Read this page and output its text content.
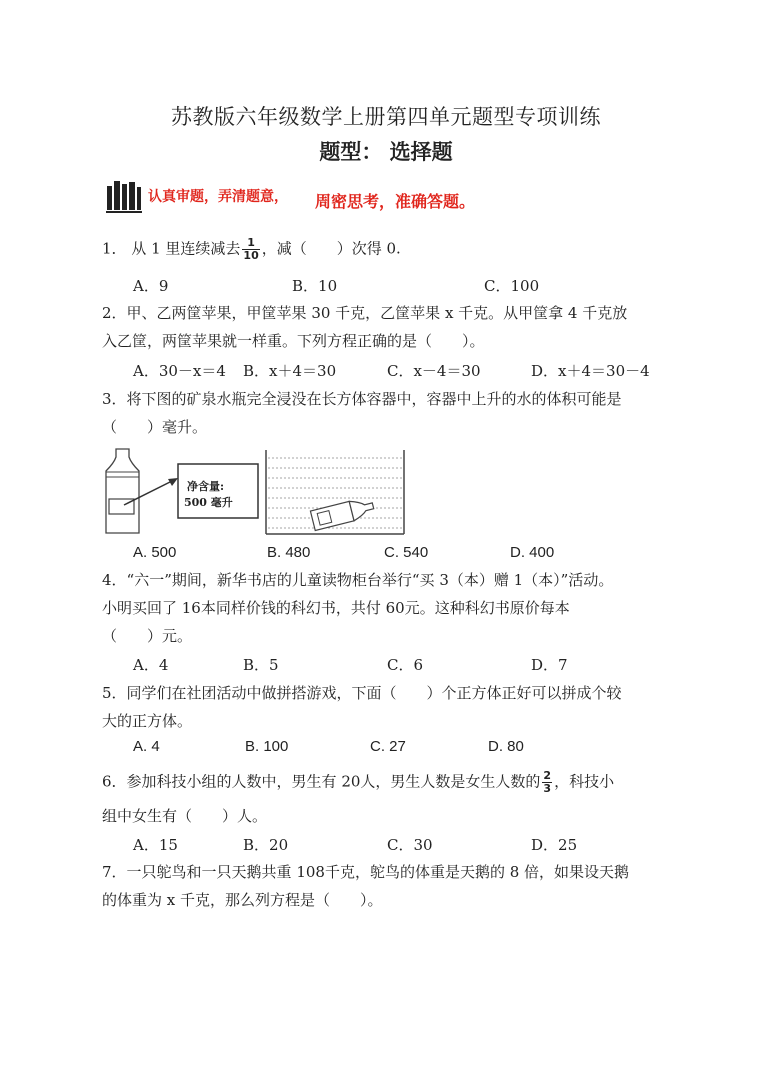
苏教版六年级数学上册第四单元题型专项训练
题型： 选择题
认真审题，弄清题意， 周密思考，准确答题。
1． 从 1 里连续减去 $\frac{1}{10}$ ，减（　　）次得 0.
A．9	B．10	C．100
2．甲、乙两筐苹果，甲筐苹果 30 千克，乙筐苹果 x 千克。从甲筐拿 4 千克放
入乙筐，两筐苹果就一样重。下列方程正确的是（　　）。
A．30－x＝4 B．x＋4＝30	C．x－4＝30	D．x＋4＝30－4
3．将下图的矿泉水瓶完全浸没在长方体容器中，容器中上升的水的体积可能是
（　　）毫升。
净含量:
500 毫升
A. 500	B. 480	C. 540	D. 400
4．“六一”期间，新华书店的儿童读物柜台举行“买 3（本）赠 1（本）”活动。
小明买回了 16本同样价钱的科幻书，共付 60元。这种科幻书原价每本
（　　）元。
A．4	B．5	C．6	D．7
5．同学们在社团活动中做拼搭游戏，下面（　　）个正方体正好可以拼成个较
大的正方体。
A. 4	B. 100	C. 27	D. 80
6．参加科技小组的人数中，男生有 20人，男生人数是女生人数的 $\frac{2}{3}$ ，科技小
组中女生有（　　）人。
A．15	B．20	C．30	D．25
7．一只鸵鸟和一只天鹅共重 108千克，鸵鸟的体重是天鹅的 8 倍，如果设天鹅
的体重为 x 千克，那么列方程是（　　）。
